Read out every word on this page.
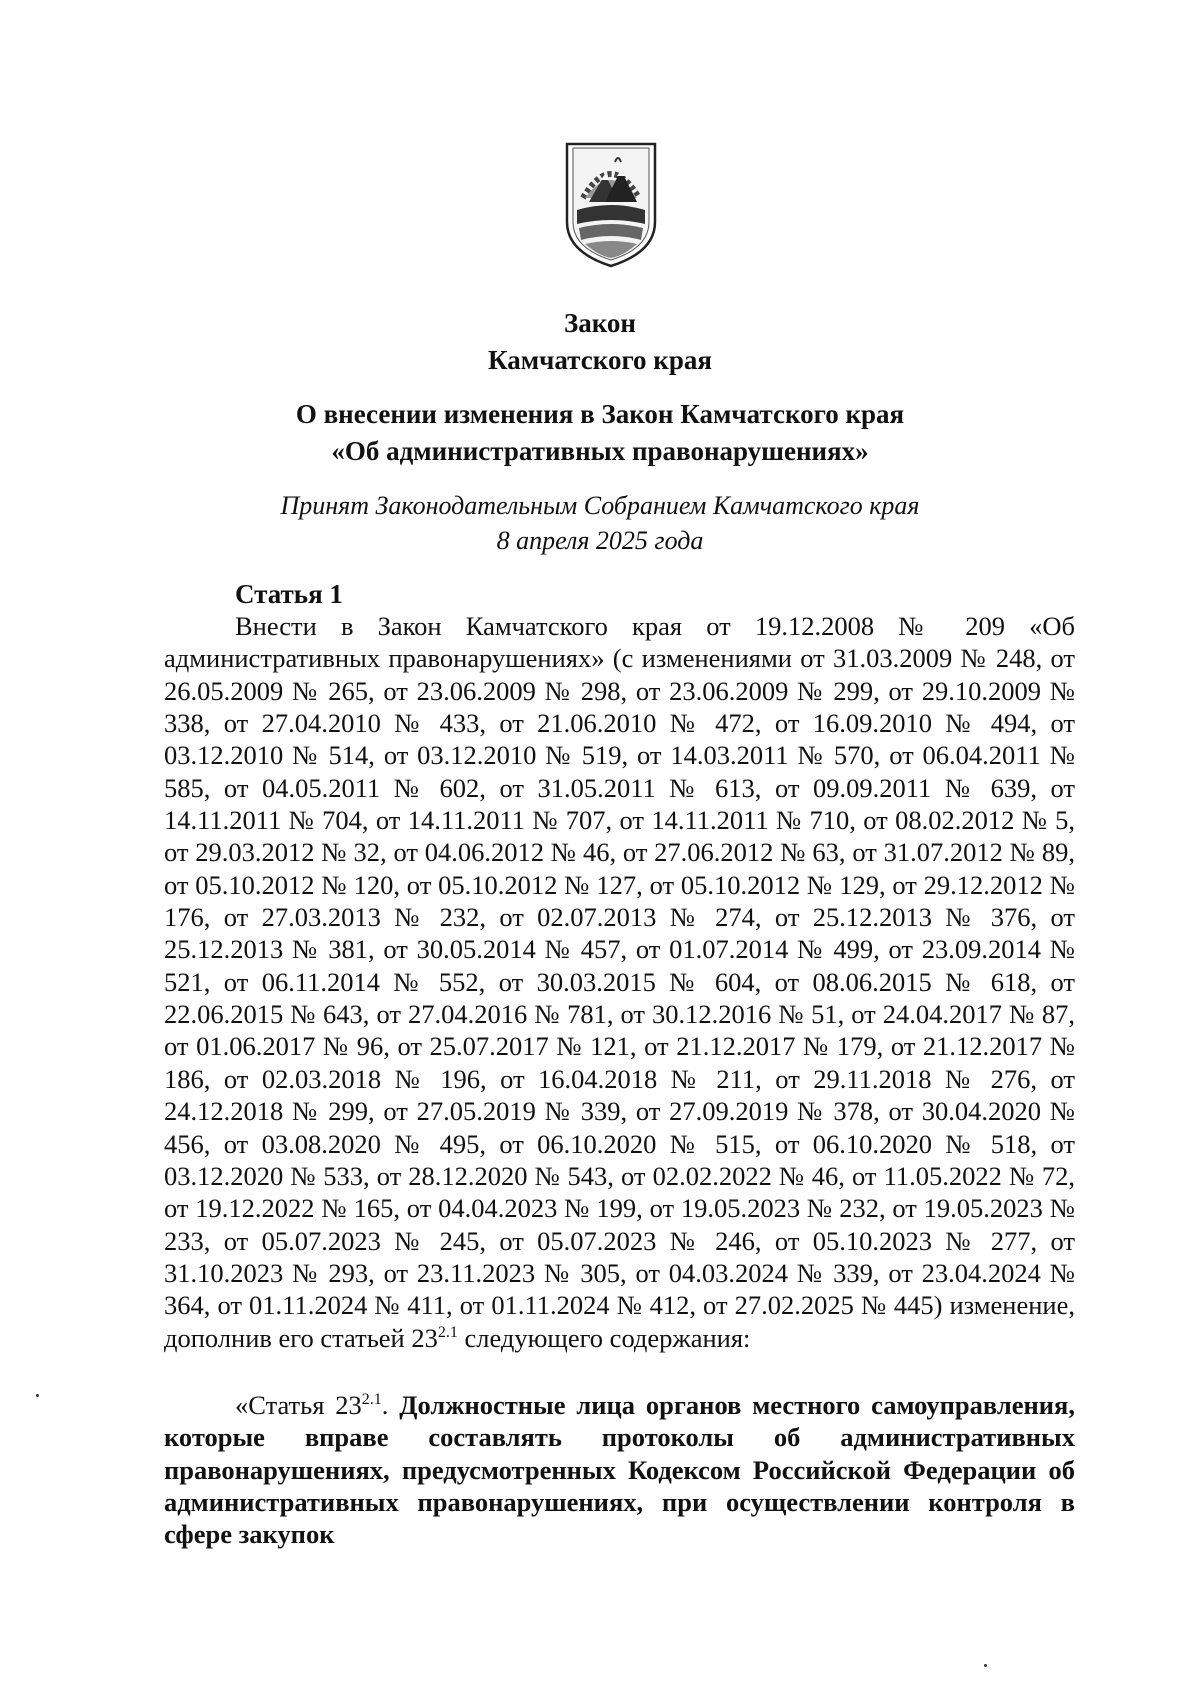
Закон
Камчатского края
О внесении изменения в Закон Камчатского края
«Об административных правонарушениях»
Принят Законодательным Собранием Камчатского края
8 апреля 2025 года
Статья 1

Внести в Закон Камчатского края от 19.12.2008 № 209 «Об административных правонарушениях» (с изменениями от 31.03.2009 № 248, от 26.05.2009 № 265, от 23.06.2009 № 298, от 23.06.2009 № 299, от 29.10.2009 № 338, от 27.04.2010 № 433, от 21.06.2010 № 472, от 16.09.2010 № 494, от 03.12.2010 № 514, от 03.12.2010 № 519, от 14.03.2011 № 570, от 06.04.2011 № 585, от 04.05.2011 № 602, от 31.05.2011 № 613, от 09.09.2011 № 639, от 14.11.2011 № 704, от 14.11.2011 № 707, от 14.11.2011 № 710, от 08.02.2012 № 5, от 29.03.2012 № 32, от 04.06.2012 № 46, от 27.06.2012 № 63, от 31.07.2012 № 89, от 05.10.2012 № 120, от 05.10.2012 № 127, от 05.10.2012 № 129, от 29.12.2012 № 176, от 27.03.2013 № 232, от 02.07.2013 № 274, от 25.12.2013 № 376, от 25.12.2013 № 381, от 30.05.2014 № 457, от 01.07.2014 № 499, от 23.09.2014 № 521, от 06.11.2014 № 552, от 30.03.2015 № 604, от 08.06.2015 № 618, от 22.06.2015 № 643, от 27.04.2016 № 781, от 30.12.2016 № 51, от 24.04.2017 № 87, от 01.06.2017 № 96, от 25.07.2017 № 121, от 21.12.2017 № 179, от 21.12.2017 № 186, от 02.03.2018 № 196, от 16.04.2018 № 211, от 29.11.2018 № 276, от 24.12.2018 № 299, от 27.05.2019 № 339, от 27.09.2019 № 378, от 30.04.2020 № 456, от 03.08.2020 № 495, от 06.10.2020 № 515, от 06.10.2020 № 518, от 03.12.2020 № 533, от 28.12.2020 № 543, от 02.02.2022 № 46, от 11.05.2022 № 72, от 19.12.2022 № 165, от 04.04.2023 № 199, от 19.05.2023 № 232, от 19.05.2023 № 233, от 05.07.2023 № 245, от 05.07.2023 № 246, от 05.10.2023 № 277, от 31.10.2023 № 293, от 23.11.2023 № 305, от 04.03.2024 № 339, от 23.04.2024 № 364, от 01.11.2024 № 411, от 01.11.2024 № 412, от 27.02.2025 № 445) изменение, дополнив его статьей $23^{2.1}$ следующего содержания:

«Статья $23^{2.1}$. Должностные лица органов местного самоуправления, которые вправе составлять протоколы об административных правонарушениях, предусмотренных Кодексом Российской Федерации об административных правонарушениях, при осуществлении контроля в сфере закупок
